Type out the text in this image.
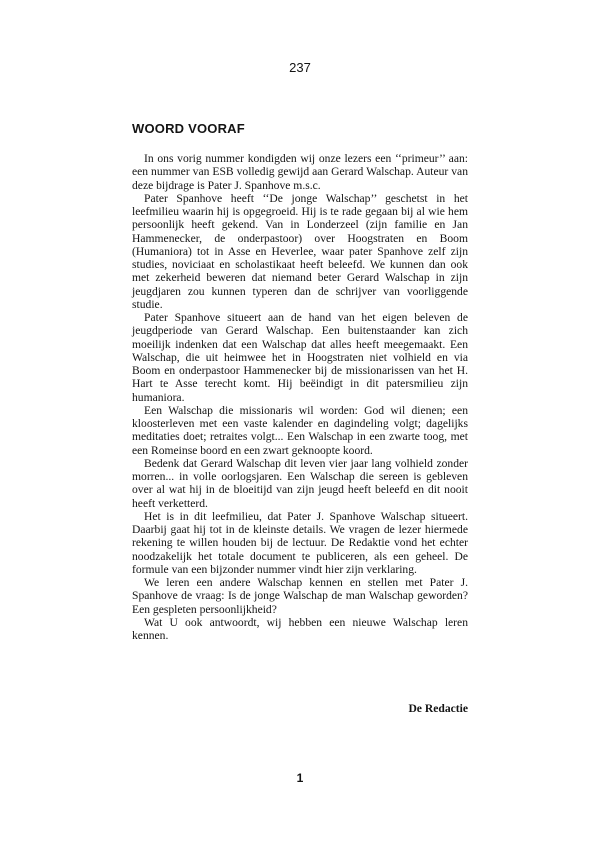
237
WOORD VOORAF

In ons vorig nummer kondigden wij onze lezers een ‘‘primeur’’ aan: een nummer van ESB volledig gewijd aan Gerard Walschap. Auteur van deze bijdrage is Pater J. Spanhove m.s.c.

Pater Spanhove heeft ‘‘De jonge Walschap’’ geschetst in het leefmilieu waarin hij is opgegroeid. Hij is te rade gegaan bij al wie hem persoonlijk heeft gekend. Van in Londerzeel (zijn familie en Jan Hammenecker, de onderpastoor) over Hoogstraten en Boom (Humaniora) tot in Asse en Heverlee, waar pater Spanhove zelf zijn studies, noviciaat en scholastikaat heeft beleefd. We kunnen dan ook met zekerheid beweren dat niemand beter Gerard Walschap in zijn jeugdjaren zou kunnen typeren dan de schrijver van voorliggende studie.

Pater Spanhove situeert aan de hand van het eigen beleven de jeugdperiode van Gerard Walschap. Een buitenstaander kan zich moeilijk indenken dat een Walschap dat alles heeft meegemaakt. Een Walschap, die uit heimwee het in Hoogstraten niet volhield en via Boom en onderpastoor Hammenecker bij de missionarissen van het H. Hart te Asse terecht komt. Hij beëindigt in dit patersmilieu zijn humaniora.

Een Walschap die missionaris wil worden: God wil dienen; een kloosterleven met een vaste kalender en dagindeling volgt; dagelijks meditaties doet; retraites volgt... Een Walschap in een zwarte toog, met een Romeinse boord en een zwart geknoopte koord.

Bedenk dat Gerard Walschap dit leven vier jaar lang volhield zonder morren... in volle oorlogsjaren. Een Walschap die sereen is gebleven over al wat hij in de bloeitijd van zijn jeugd heeft beleefd en dit nooit heeft verketterd.

Het is in dit leefmilieu, dat Pater J. Spanhove Walschap situeert. Daarbij gaat hij tot in de kleinste details. We vragen de lezer hiermede rekening te willen houden bij de lectuur. De Redaktie vond het echter noodzakelijk het totale document te publiceren, als een geheel. De formule van een bijzonder nummer vindt hier zijn verklaring.

We leren een andere Walschap kennen en stellen met Pater J. Spanhove de vraag: Is de jonge Walschap de man Walschap geworden? Een gespleten persoonlijkheid?

Wat U ook antwoordt, wij hebben een nieuwe Walschap leren kennen.

De Redactie
1
